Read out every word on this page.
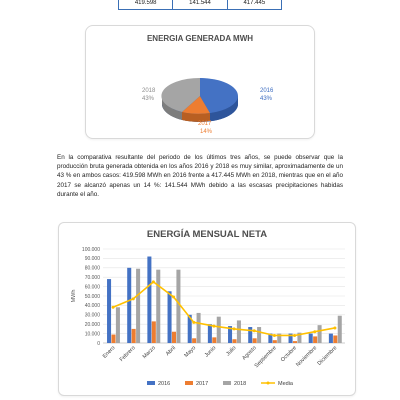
419.598	141.544	417.445
ENERGIA GENERADA MWH
2016
43%
2017
14%
2018
43%
En la comparativa resultante del periodo de los últimos tres años, se puede observar que la producción bruta generada obtenida en los años 2016 y 2018 es muy similar, aproximadamente de un 43 % en ambos casos: 419.598 MWh en 2016 frente a 417.445 MWh en 2018, mientras que en el año 2017 se alcanzó apenas un 14 %: 141.544 MWh debido a las escasas precipitaciones habidas durante el año.
ENERGÍA MENSUAL NETA
0
10.000
20.000
30.000
40.000
50.000
60.000
70.000
80.000
90.000
100.000
MWh
Enero Febrero Marzo Abril Mayo Junio Julio Agosto
Septiembre Octubre
Noviembre
Diciembre
2016	2017	2018	Media
